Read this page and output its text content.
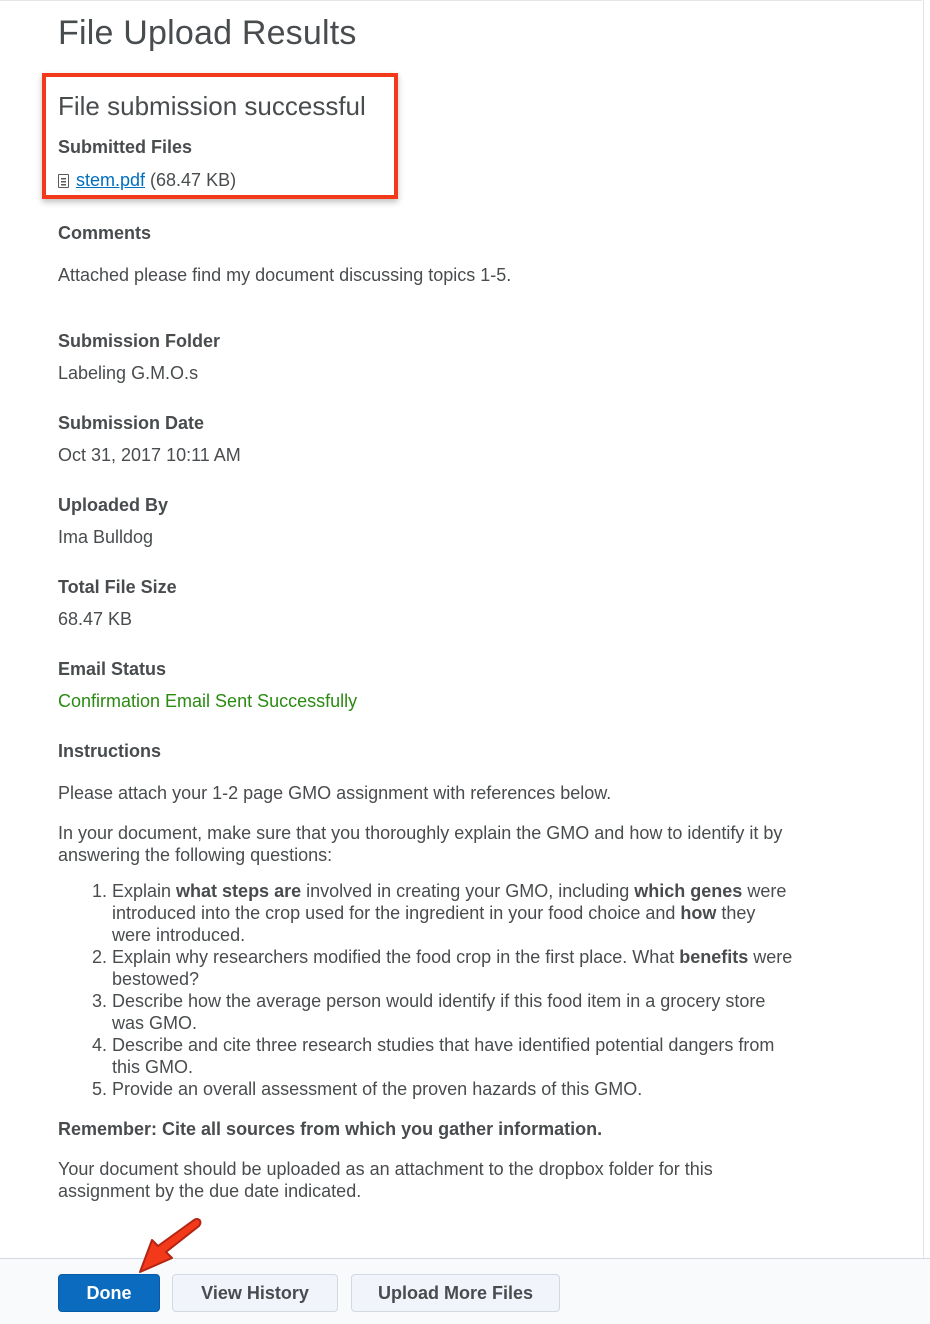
File Upload Results
File submission successful
Submitted Files
stem.pdf (68.47 KB)
Comments
Attached please find my document discussing topics 1-5.
Submission Folder
Labeling G.M.O.s
Submission Date
Oct 31, 2017 10:11 AM
Uploaded By
Ima Bulldog
Total File Size
68.47 KB
Email Status
Confirmation Email Sent Successfully
Instructions

Please attach your 1-2 page GMO assignment with references below.

In your document, make sure that you thoroughly explain the GMO and how to identify it by answering the following questions:

1. Explain what steps are involved in creating your GMO, including which genes were introduced into the crop used for the ingredient in your food choice and how they were introduced.
2. Explain why researchers modified the food crop in the first place. What benefits were bestowed?
3. Describe how the average person would identify if this food item in a grocery store was GMO.
4. Describe and cite three research studies that have identified potential dangers from this GMO.
5. Provide an overall assessment of the proven hazards of this GMO.

Remember: Cite all sources from which you gather information.

Your document should be uploaded as an attachment to the dropbox folder for this assignment by the due date indicated.

Done	View History	Upload More Files
